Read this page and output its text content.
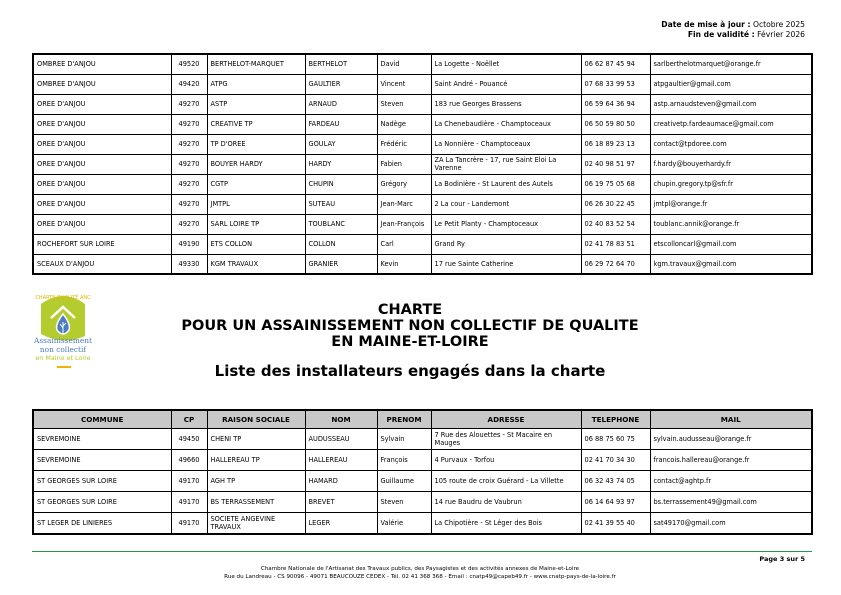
Date de mise à jour : Octobre 2025
Fin de validité : Février 2026
OMBREE D'ANJOU	49520	BERTHELOT-MARQUET	BERTHELOT	David	La Logette - Noëllet	06 62 87 45 94	sarlberthelotmarquet@orange.fr
OMBREE D'ANJOU	49420	ATPG	GAULTIER	Vincent	Saint André - Pouancé	07 68 33 99 53	atpgaultier@gmail.com
OREE D'ANJOU	49270	ASTP	ARNAUD	Steven	183 rue Georges Brassens	06 59 64 36 94	astp.arnaudsteven@gmail.com
OREE D'ANJOU	49270	CREATIVE TP	FARDEAU	Nadège	La Chenebaudière - Champtoceaux	06 50 59 80 50	creativetp.fardeaumace@gmail.com
OREE D'ANJOU	49270	TP D'OREE	GOULAY	Frédéric	La Nonnière - Champtoceaux	06 18 89 23 13	contact@tpdoree.com
OREE D'ANJOU	49270	BOUYER HARDY	HARDY	Fabien	ZA La Tancrère - 17, rue Saint Eloi La Varenne	02 40 98 51 97	f.hardy@bouyerhardy.fr
OREE D'ANJOU	49270	CGTP	CHUPIN	Grégory	La Bodinière - St Laurent des Autels	06 19 75 05 68	chupin.gregory.tp@sfr.fr
OREE D'ANJOU	49270	JMTPL	SUTEAU	Jean-Marc	2 La cour - Landemont	06 26 30 22 45	jmtpl@orange.fr
OREE D'ANJOU	49270	SARL LOIRE TP	TOUBLANC	Jean-François	Le Petit Planty - Champtoceaux	02 40 83 52 54	toublanc.annik@orange.fr
ROCHEFORT SUR LOIRE	49190	ETS COLLON	COLLON	Carl	Grand Ry	02 41 78 83 51	etscolloncarl@gmail.com
SCEAUX D'ANJOU	49330	KGM TRAVAUX	GRANIER	Kevin	17 rue Sainte Catherine	06 29 72 64 70	kgm.travaux@gmail.com
CHARTE QUALITÉ ANC
Assainissement
non collectif
en Maine et Loire
CHARTE
POUR UN ASSAINISSEMENT NON COLLECTIF DE QUALITE
EN MAINE-ET-LOIRE
Liste des installateurs engagés dans la charte
COMMUNE	CP	RAISON SOCIALE	NOM	PRENOM	ADRESSE	TELEPHONE	MAIL
SEVREMOINE	49450	CHENI TP	AUDUSSEAU	Sylvain	7 Rue des Alouettes - St Macaire en Mauges	06 88 75 60 75	sylvain.audusseau@orange.fr
SEVREMOINE	49660	HALLEREAU TP	HALLEREAU	François	4 Purvaux - Torfou	02 41 70 34 30	francois.hallereau@orange.fr
ST GEORGES SUR LOIRE	49170	AGH TP	HAMARD	Guillaume	105 route de croix Guérard - La Villette	06 32 43 74 05	contact@aghtp.fr
ST GEORGES SUR LOIRE	49170	BS TERRASSEMENT	BREVET	Steven	14 rue Baudru de Vaubrun	06 14 64 93 97	bs.terrassement49@gmail.com
ST LEGER DE LINIERES	49170	SOCIETE ANGEVINE TRAVAUX	LEGER	Valérie	La Chipotière - St Léger des Bois	02 41 39 55 40	sat49170@gmail.com
Page 3 sur 5
Chambre Nationale de l'Artisanat des Travaux publics, des Paysagistes et des activités annexes de Maine-et-Loire
Rue du Landreau - CS 90096 - 49071 BEAUCOUZE CEDEX - Tél. 02 41 368 368 - Email : cnatp49@capeb49.fr - www.cnatp-pays-de-la-loire.fr
